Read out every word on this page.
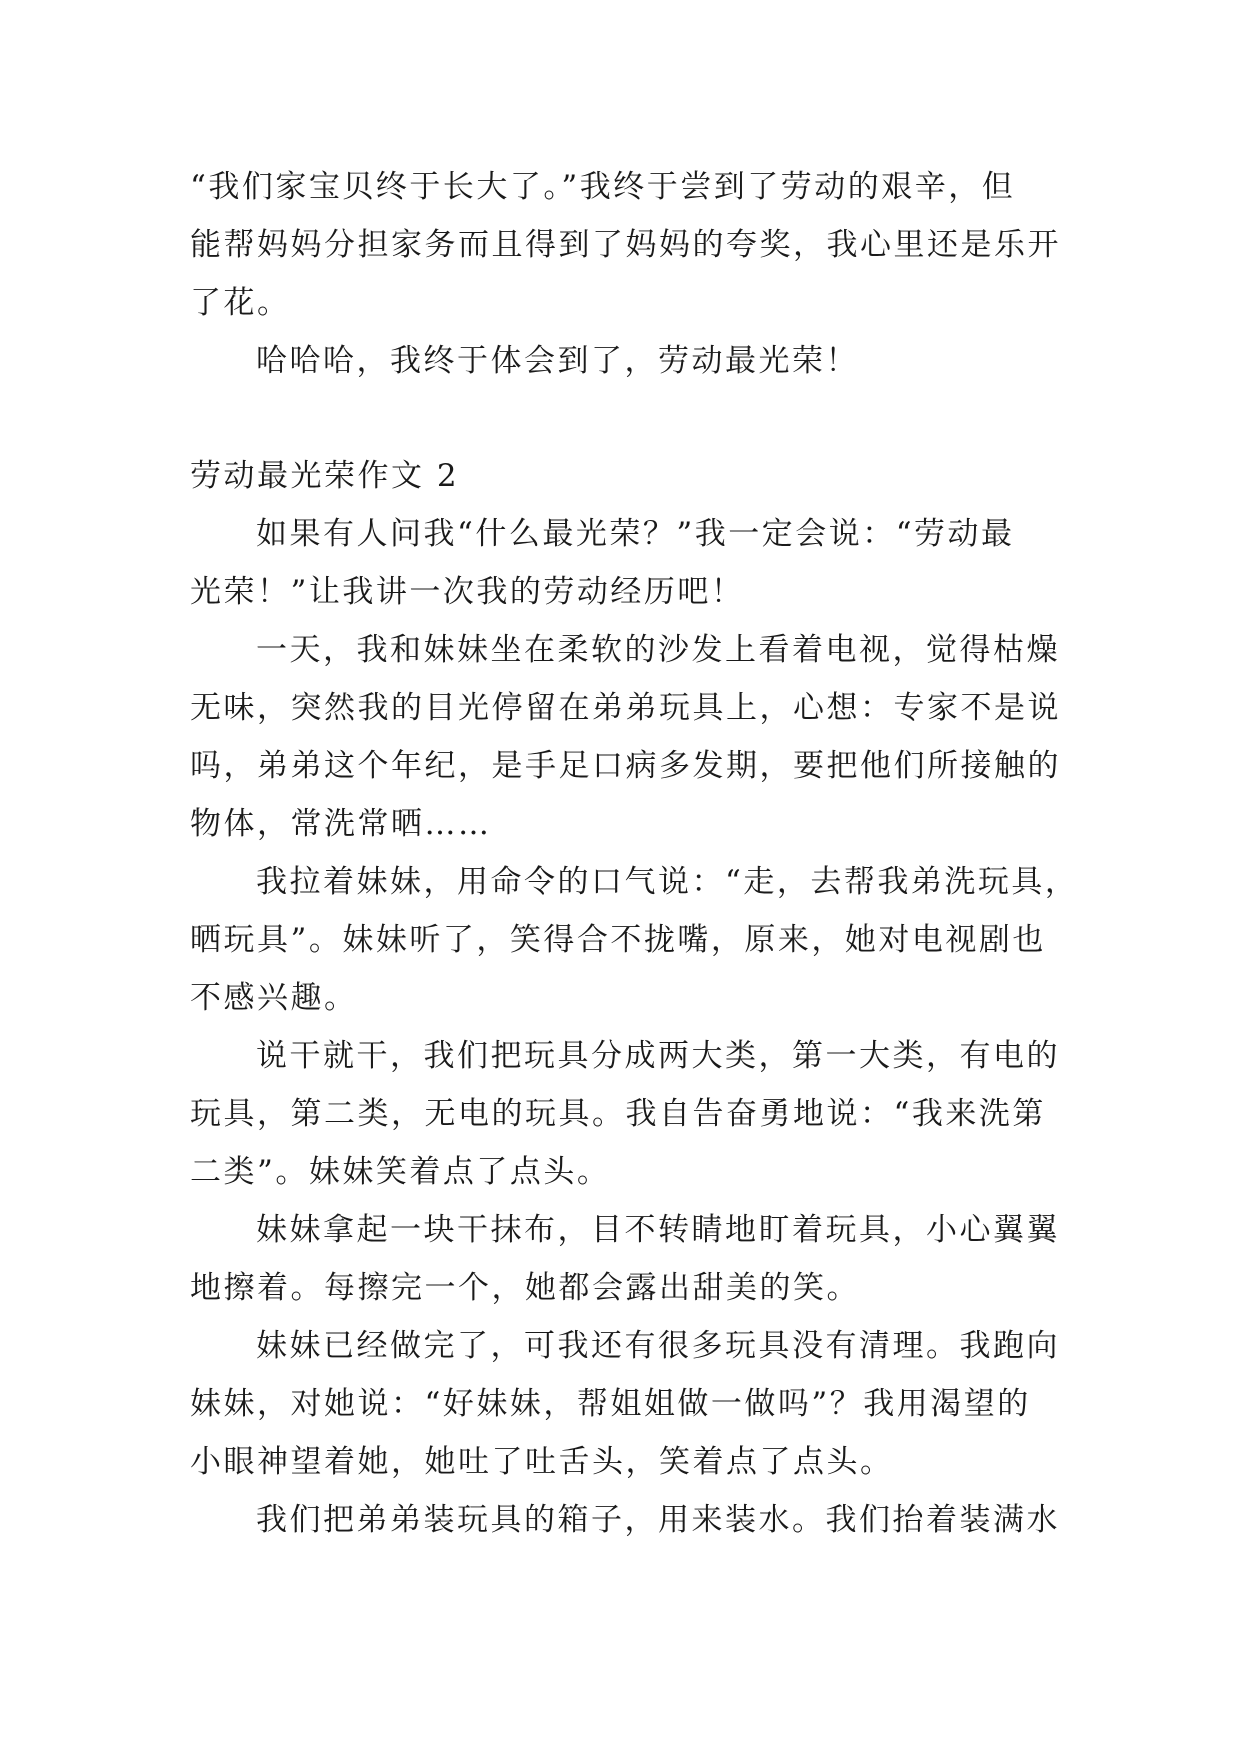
“我们家宝贝终于长大了。”我终于尝到了劳动的艰辛，但
能帮妈妈分担家务而且得到了妈妈的夸奖，我心里还是乐开
了花。
哈哈哈，我终于体会到了，劳动最光荣！
劳动最光荣作文 2
如果有人问我“什么最光荣？”我一定会说：“劳动最
光荣！”让我讲一次我的劳动经历吧！
一天，我和妹妹坐在柔软的沙发上看着电视，觉得枯燥
无味，突然我的目光停留在弟弟玩具上，心想：专家不是说
吗，弟弟这个年纪，是手足口病多发期，要把他们所接触的
物体，常洗常晒……
我拉着妹妹，用命令的口气说：“走，去帮我弟洗玩具，
晒玩具”。妹妹听了，笑得合不拢嘴，原来，她对电视剧也
不感兴趣。
说干就干，我们把玩具分成两大类，第一大类，有电的
玩具，第二类，无电的玩具。我自告奋勇地说：“我来洗第
二类”。妹妹笑着点了点头。
妹妹拿起一块干抹布，目不转睛地盯着玩具，小心翼翼
地擦着。每擦完一个，她都会露出甜美的笑。
妹妹已经做完了，可我还有很多玩具没有清理。我跑向
妹妹，对她说：“好妹妹，帮姐姐做一做吗”？我用渴望的
小眼神望着她，她吐了吐舌头，笑着点了点头。
我们把弟弟装玩具的箱子，用来装水。我们抬着装满水
